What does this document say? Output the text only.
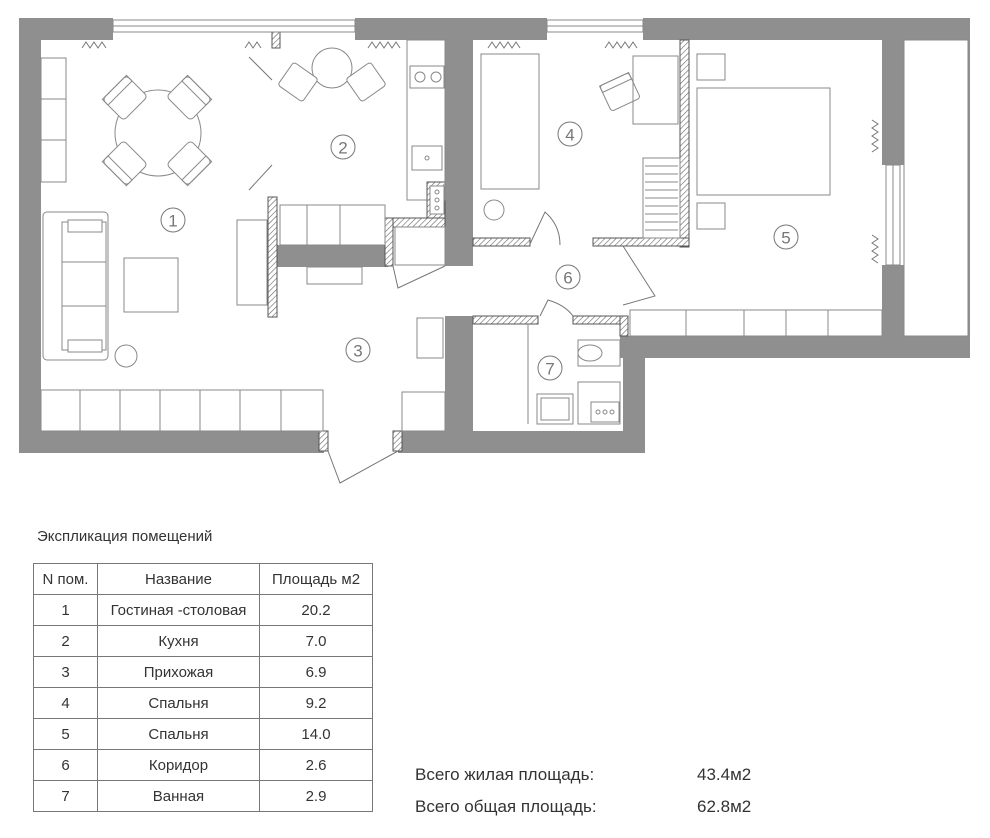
1
2
3
4
5
6
7
Экспликация помещений
N пом.	Название	Площадь м2
1	Гостиная -столовая	20.2
2	Кухня	7.0
3	Прихожая	6.9
4	Спальня	9.2
5	Спальня	14.0
6	Коридор	2.6
7	Ванная	2.9
Всего жилая площадь:	43.4м2
Всего общая площадь:	62.8м2
